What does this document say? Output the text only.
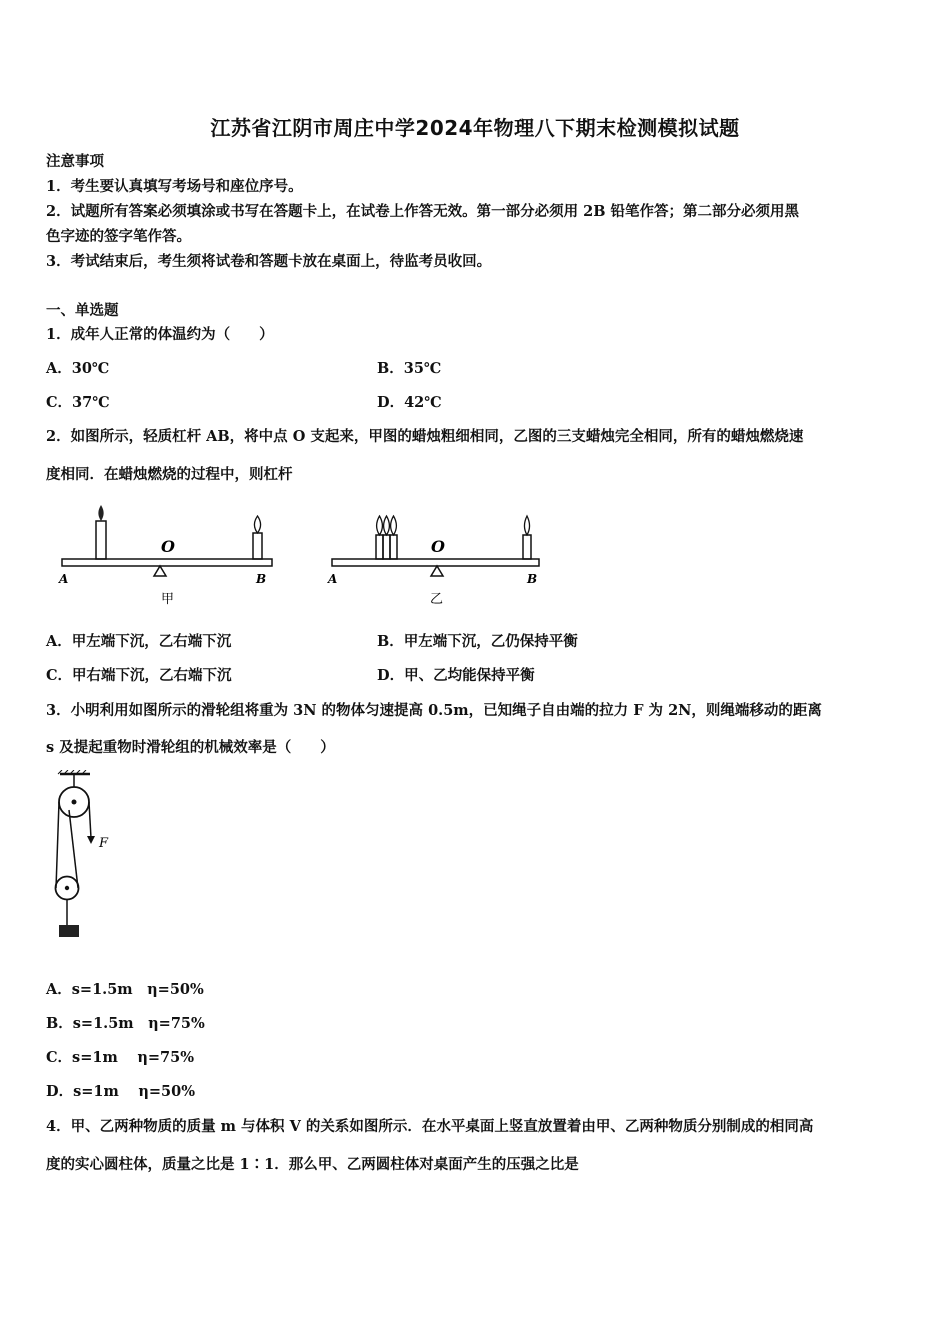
江苏省江阴市周庄中学2024年物理八下期末检测模拟试题
注意事项
1．考生要认真填写考场号和座位序号。
2．试题所有答案必须填涂或书写在答题卡上，在试卷上作答无效。第一部分必须用 2B 铅笔作答；第二部分必须用黑
色字迹的签字笔作答。
3．考试结束后，考生须将试卷和答题卡放在桌面上，待监考员收回。
一、单选题
1．成年人正常的体温约为（　　）
A．30℃	B．35℃
C．37℃	D．42℃
2．如图所示，轻质杠杆 AB，将中点 O 支起来，甲图的蜡烛粗细相同，乙图的三支蜡烛完全相同，所有的蜡烛燃烧速
度相同．在蜡烛燃烧的过程中，则杠杆
O
A	B
甲
O
A	B
乙
A．甲左端下沉，乙右端下沉	B．甲左端下沉，乙仍保持平衡
C．甲右端下沉，乙右端下沉	D．甲、乙均能保持平衡
3．小明利用如图所示的滑轮组将重为 3N 的物体匀速提高 0.5m，已知绳子自由端的拉力 F 为 2N，则绳端移动的距离
s 及提起重物时滑轮组的机械效率是（　　）
F
A．s=1.5m　η=50%
B．s=1.5m　η=75%
C．s=1m　 η=75%
D．s=1m　 η=50%
4．甲、乙两种物质的质量 m 与体积 V 的关系如图所示．在水平桌面上竖直放置着由甲、乙两种物质分别制成的相同高
度的实心圆柱体，质量之比是 1∶1．那么甲、乙两圆柱体对桌面产生的压强之比是
